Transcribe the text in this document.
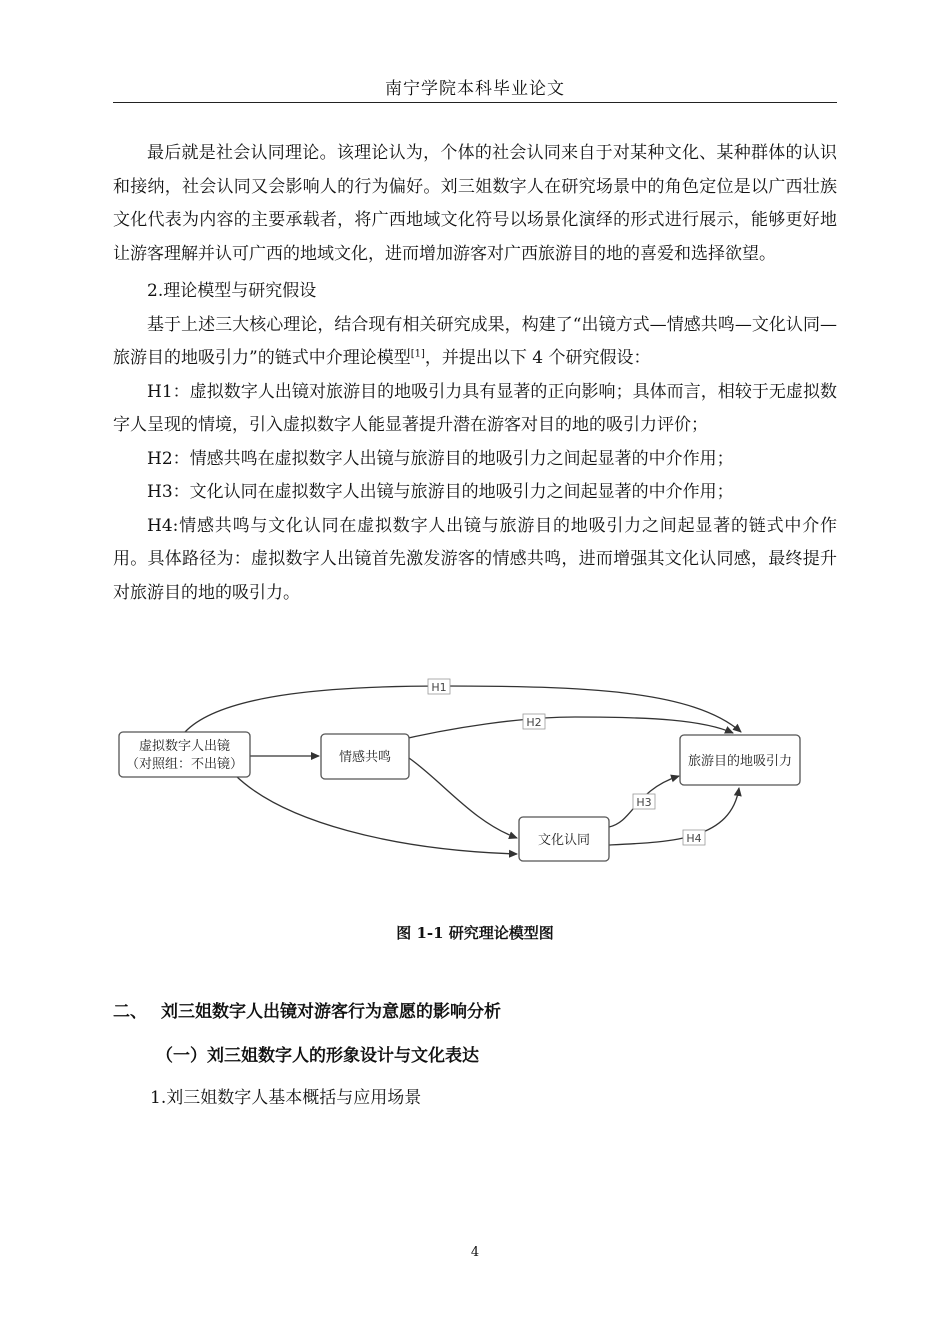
南宁学院本科毕业论文

最后就是社会认同理论。该理论认为，个体的社会认同来自于对某种文化、某种群体的认识和接纳，社会认同又会影响人的行为偏好。刘三姐数字人在研究场景中的角色定位是以广西壮族文化代表为内容的主要承载者，将广西地域文化符号以场景化演绎的形式进行展示，能够更好地让游客理解并认可广西的地域文化，进而增加游客对广西旅游目的地的喜爱和选择欲望。

2.理论模型与研究假设

基于上述三大核心理论，结合现有相关研究成果，构建了“出镜方式—情感共鸣—文化认同—旅游目的地吸引力”的链式中介理论模型[1]，并提出以下 4 个研究假设：

H1：虚拟数字人出镜对旅游目的地吸引力具有显著的正向影响；具体而言，相较于无虚拟数字人呈现的情境，引入虚拟数字人能显著提升潜在游客对目的地的吸引力评价；

H2：情感共鸣在虚拟数字人出镜与旅游目的地吸引力之间起显著的中介作用；

H3：文化认同在虚拟数字人出镜与旅游目的地吸引力之间起显著的中介作用；

H4:情感共鸣与文化认同在虚拟数字人出镜与旅游目的地吸引力之间起显著的链式中介作用。具体路径为：虚拟数字人出镜首先激发游客的情感共鸣，进而增强其文化认同感，最终提升对旅游目的地的吸引力。

H1
H2
H3
H4
虚拟数字人出镜
（对照组：不出镜）	情感共鸣
文化认同
旅游目的地吸引力
图 1-1 研究理论模型图
二、 刘三姐数字人出镜对游客行为意愿的影响分析
（一）刘三姐数字人的形象设计与文化表达
1.刘三姐数字人基本概括与应用场景
4
